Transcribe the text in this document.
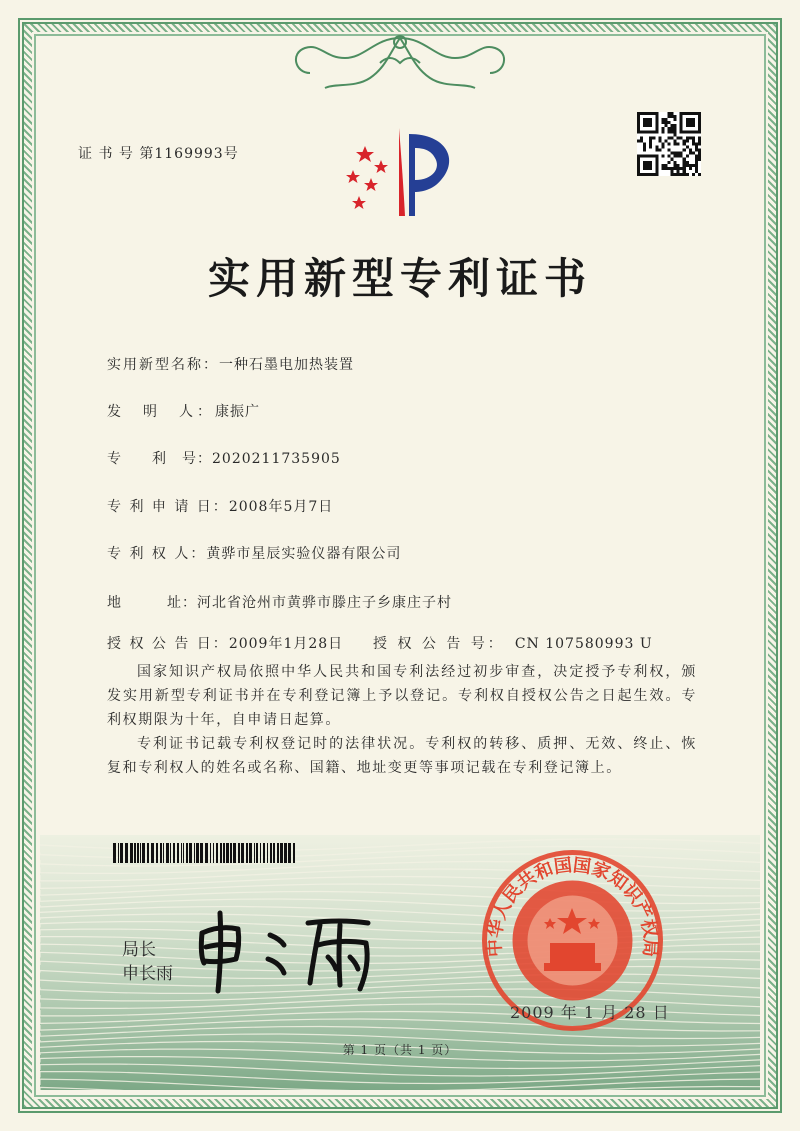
证 书 号 第1169993号
实用新型专利证书
实用新型名称：一种石墨电加热装置
发　明　人：康振广
专　　利　号：2020211735905
专 利 申 请 日：2008年5月7日
专 利 权 人：黄骅市星辰实验仪器有限公司
地　　　址：河北省沧州市黄骅市滕庄子乡康庄子村
授 权 公 告 日：2009年1月28日 授 权 公 告 号： CN 107580993 U
国家知识产权局依照中华人民共和国专利法经过初步审查，决定授予专利权，颁发实用新型专利证书并在专利登记簿上予以登记。专利权自授权公告之日起生效。专利权期限为十年，自申请日起算。
专利证书记载专利权登记时的法律状况。专利权的转移、质押、无效、终止、恢复和专利权人的姓名或名称、国籍、地址变更等事项记载在专利登记簿上。
局长
申长雨
中华人民共和国国家知识产权局
2009 年 1 月 28 日
第 1 页（共 1 页）
